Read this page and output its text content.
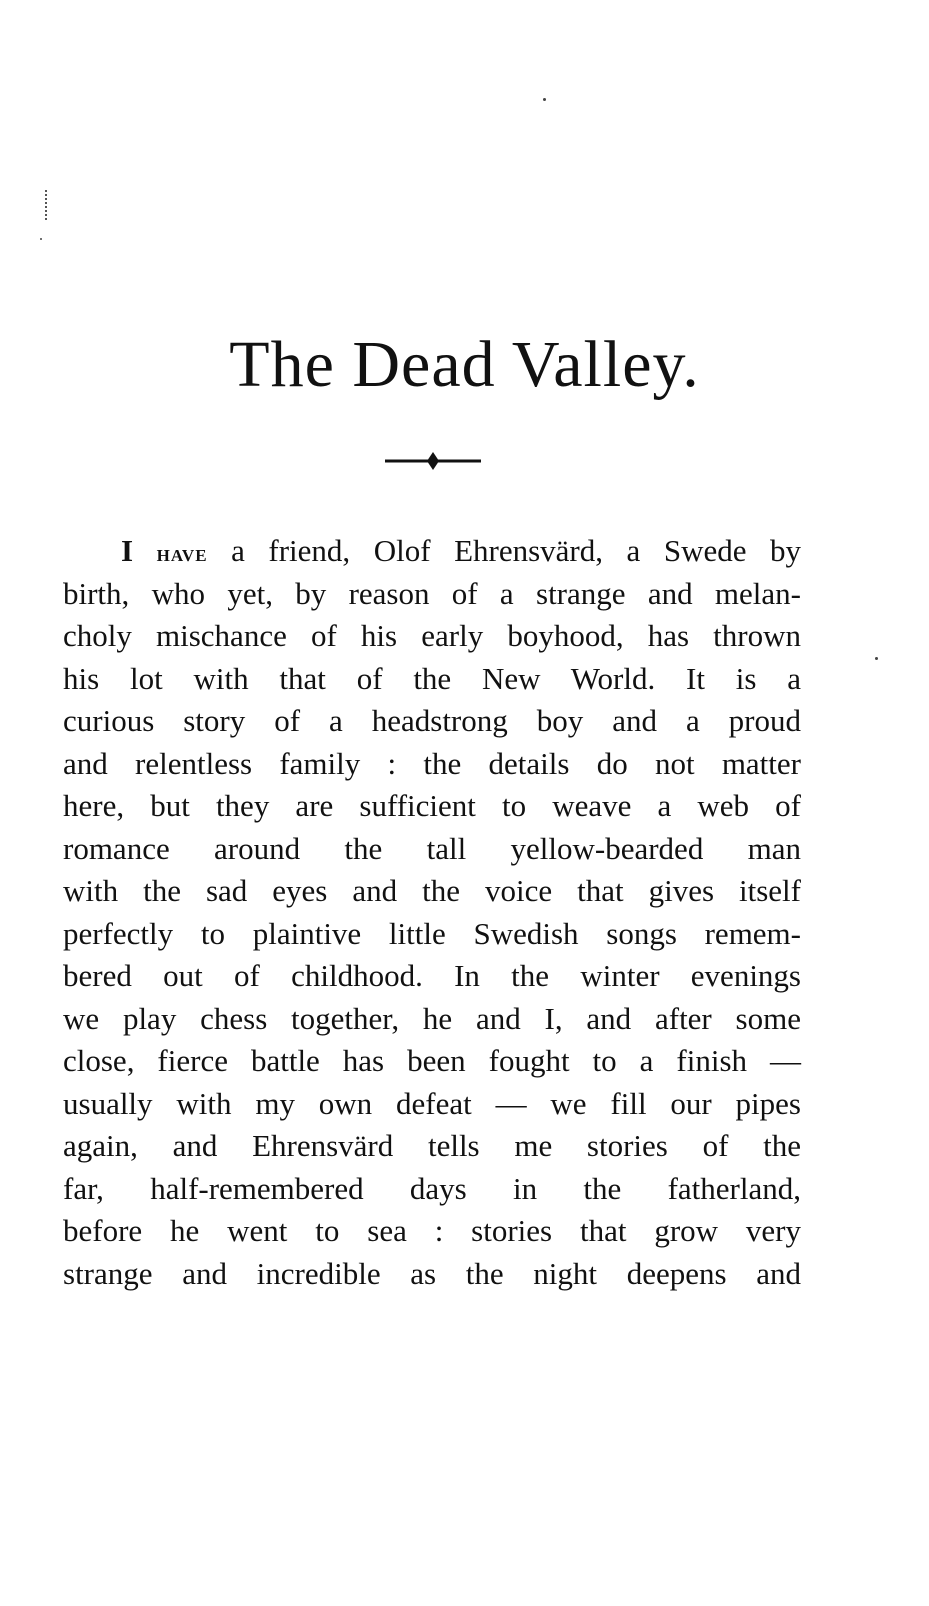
The Dead Valley.
I have a friend, Olof Ehrensvärd, a Swede by
birth, who yet, by reason of a strange and melan-
choly mischance of his early boyhood, has thrown
his lot with that of the New World. It is a
curious story of a headstrong boy and a proud
and relentless family : the details do not matter
here, but they are sufficient to weave a web of
romance around the tall yellow-bearded man
with the sad eyes and the voice that gives itself
perfectly to plaintive little Swedish songs remem-
bered out of childhood. In the winter evenings
we play chess together, he and I, and after some
close, fierce battle has been fought to a finish —
usually with my own defeat — we fill our pipes
again, and Ehrensvärd tells me stories of the
far, half-remembered days in the fatherland,
before he went to sea : stories that grow very
strange and incredible as the night deepens and
